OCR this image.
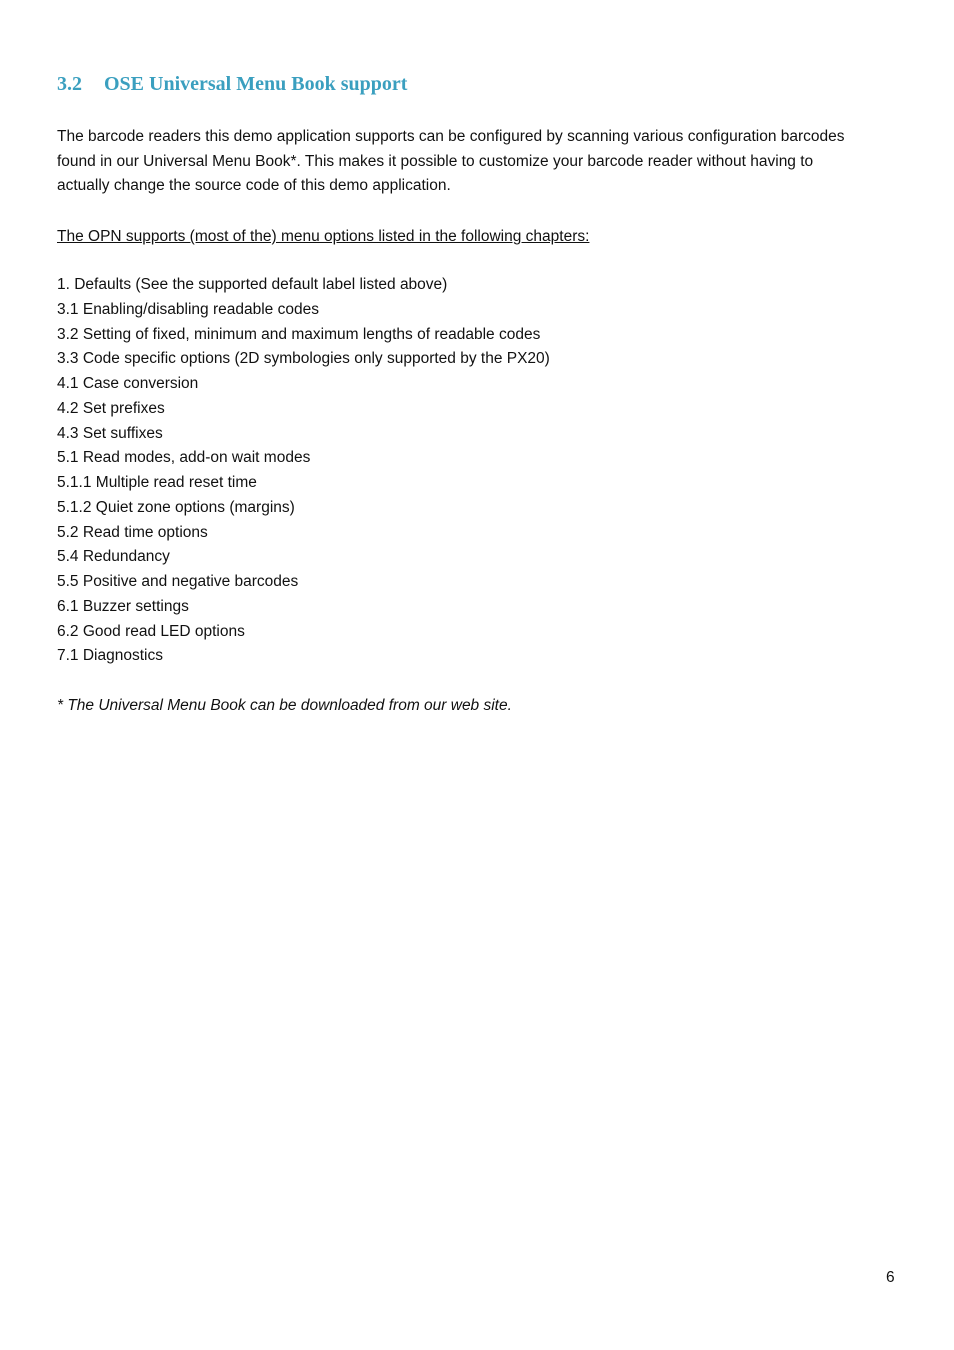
3.2 OSE Universal Menu Book support

The barcode readers this demo application supports can be configured by scanning various configuration barcodes
found in our Universal Menu Book*. This makes it possible to customize your barcode reader without having to
actually change the source code of this demo application.

The OPN supports (most of the) menu options listed in the following chapters:
1. Defaults (See the supported default label listed above)
3.1 Enabling/disabling readable codes
3.2 Setting of fixed, minimum and maximum lengths of readable codes
3.3 Code specific options (2D symbologies only supported by the PX20)
4.1 Case conversion
4.2 Set prefixes
4.3 Set suffixes
5.1 Read modes, add-on wait modes
5.1.1 Multiple read reset time
5.1.2 Quiet zone options (margins)
5.2 Read time options
5.4 Redundancy
5.5 Positive and negative barcodes
6.1 Buzzer settings
6.2 Good read LED options
7.1 Diagnostics
* The Universal Menu Book can be downloaded from our web site.
6
